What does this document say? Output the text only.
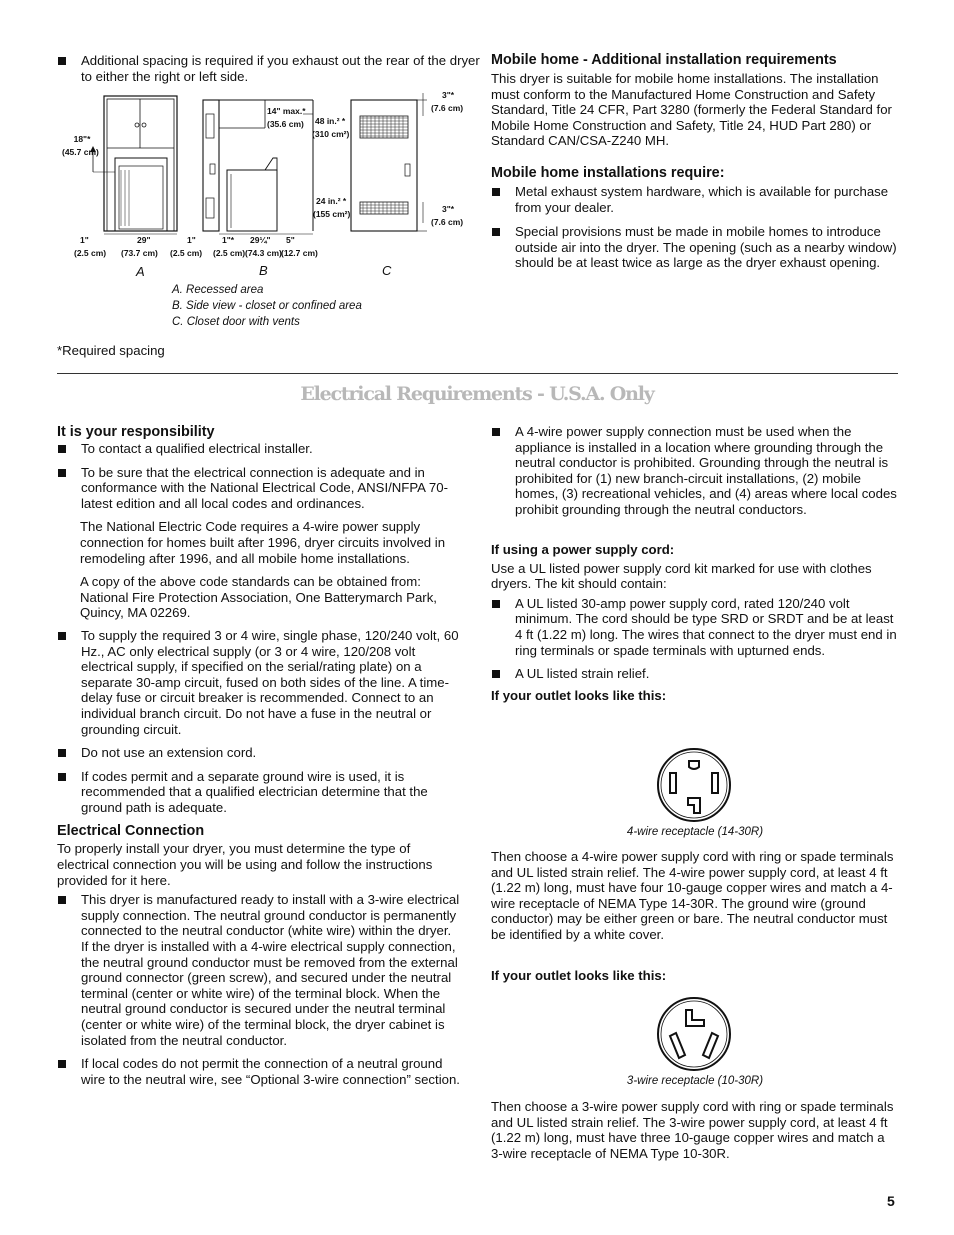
Additional spacing is required if you exhaust out the rear of the dryer to either the right or left side.
18"*
(45.7 cm)
1"
(2.5 cm)
29"
(73.7 cm)
1"
(2.5 cm)
14" max.*
(35.6 cm)
1"*
(2.5 cm)
29¼"
(74.3 cm)
5"
(12.7 cm)
48 in.² *
(310 cm²)
24 in.² *
(155 cm²)
3"*
(7.6 cm)
3"*
(7.6 cm)
A	B	C
A. Recessed area
B. Side view - closet or confined area
C. Closet door with vents
*Required spacing

Mobile home - Additional installation requirements

This dryer is suitable for mobile home installations. The installation must conform to the Manufactured Home Construction and Safety Standard, Title 24 CFR, Part 3280 (formerly the Federal Standard for Mobile Home Construction and Safety, Title 24, HUD Part 280) or Standard CAN/CSA-Z240 MH.

Mobile home installations require:

Metal exhaust system hardware, which is available for purchase from your dealer.
Special provisions must be made in mobile homes to introduce outside air into the dryer. The opening (such as a nearby window) should be at least twice as large as the dryer exhaust opening.
Electrical Requirements - U.S.A. Only

It is your responsibility

To contact a qualified electrical installer.
To be sure that the electrical connection is adequate and in conformance with the National Electrical Code, ANSI/NFPA 70-latest edition and all local codes and ordinances.

The National Electric Code requires a 4-wire power supply connection for homes built after 1996, dryer circuits involved in remodeling after 1996, and all mobile home installations.

A copy of the above code standards can be obtained from: National Fire Protection Association, One Batterymarch Park, Quincy, MA 02269.

To supply the required 3 or 4 wire, single phase, 120/240 volt, 60 Hz., AC only electrical supply (or 3 or 4 wire, 120/208 volt electrical supply, if specified on the serial/rating plate) on a separate 30-amp circuit, fused on both sides of the line. A time-delay fuse or circuit breaker is recommended. Connect to an individual branch circuit. Do not have a fuse in the neutral or grounding circuit.
Do not use an extension cord.
If codes permit and a separate ground wire is used, it is recommended that a qualified electrician determine that the ground path is adequate.

Electrical Connection

To properly install your dryer, you must determine the type of electrical connection you will be using and follow the instructions provided for it here.

This dryer is manufactured ready to install with a 3-wire electrical supply connection. The neutral ground conductor is permanently connected to the neutral conductor (white wire) within the dryer. If the dryer is installed with a 4-wire electrical supply connection, the neutral ground conductor must be removed from the external ground connector (green screw), and secured under the neutral terminal (center or white wire) of the terminal block. When the neutral ground conductor is secured under the neutral terminal (center or white wire) of the terminal block, the dryer cabinet is isolated from the neutral conductor.
If local codes do not permit the connection of a neutral ground wire to the neutral wire, see “Optional 3-wire connection” section.
A 4-wire power supply connection must be used when the appliance is installed in a location where grounding through the neutral conductor is prohibited. Grounding through the neutral is prohibited for (1) new branch-circuit installations, (2) mobile homes, (3) recreational vehicles, and (4) areas where local codes prohibit grounding through the neutral conductors.

If using a power supply cord:

Use a UL listed power supply cord kit marked for use with clothes dryers. The kit should contain:

A UL listed 30-amp power supply cord, rated 120/240 volt minimum. The cord should be type SRD or SRDT and be at least 4 ft (1.22 m) long. The wires that connect to the dryer must end in ring terminals or spade terminals with upturned ends.
A UL listed strain relief.

If your outlet looks like this:

4-wire receptacle (14-30R)

Then choose a 4-wire power supply cord with ring or spade terminals and UL listed strain relief. The 4-wire power supply cord, at least 4 ft (1.22 m) long, must have four 10-gauge copper wires and match a 4-wire receptacle of NEMA Type 14-30R. The ground wire (ground conductor) may be either green or bare. The neutral conductor must be identified by a white cover.

If your outlet looks like this:

3-wire receptacle (10-30R)

Then choose a 3-wire power supply cord with ring or spade terminals and UL listed strain relief. The 3-wire power supply cord, at least 4 ft (1.22 m) long, must have three 10-gauge copper wires and match a 3-wire receptacle of NEMA Type 10-30R.

5
